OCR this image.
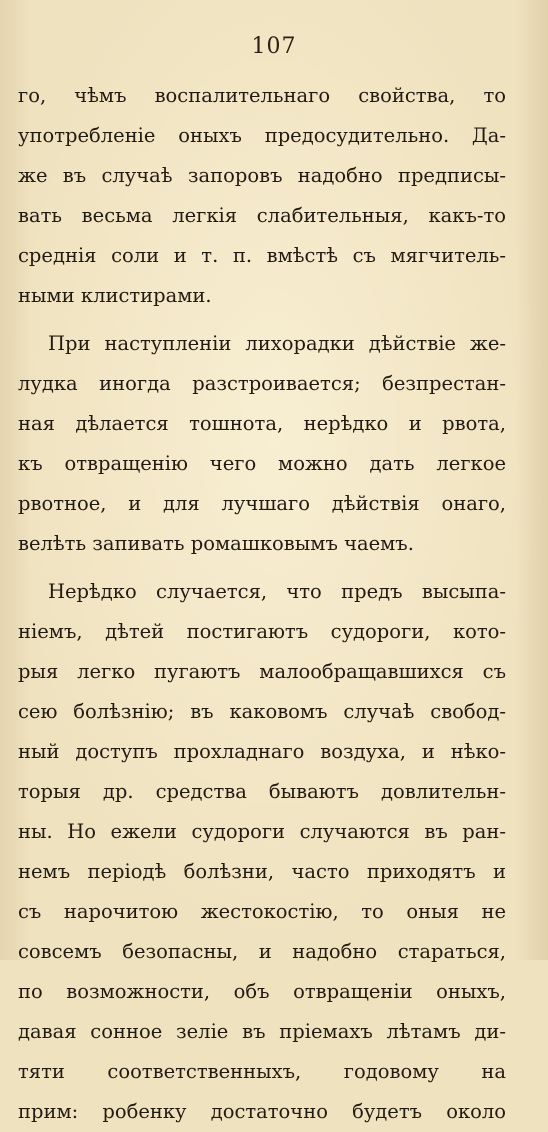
107
го, чѣмъ воспалительнаго свойства, то
употребленіе оныхъ предосудительно. Да-
же въ случаѣ запоровъ надобно предписы-
вать весьма легкія слабительныя, какъ-то
среднія соли и т. п. вмѣстѣ съ мягчитель-
ными клистирами.
При наступленіи лихорадки дѣйствіе же-
лудка иногда разстроивается; безпрестан-
ная дѣлается тошнота, нерѣдко и рвота,
къ отвращенію чего можно дать легкое
рвотное, и для лучшаго дѣйствія онаго,
велѣть запивать ромашковымъ чаемъ.
Нерѣдко случается, что предъ высыпа-
ніемъ, дѣтей постигаютъ судороги, кото-
рыя легко пугаютъ малообращавшихся съ
сею болѣзнію; въ каковомъ случаѣ свобод-
ный доступъ прохладнаго воздуха, и нѣко-
торыя др. средства бываютъ довлительн-
ны. Но ежели судороги случаются въ ран-
немъ періодѣ болѣзни, часто приходятъ и
съ нарочитою жестокостію, то оныя не
совсемъ безопасны, и надобно стараться,
по возможности, объ отвращеніи оныхъ,
давая сонное зеліе въ пріемахъ лѣтамъ ди-
тяти соответственныхъ, годовому на
прим: робенку достаточно будетъ около
